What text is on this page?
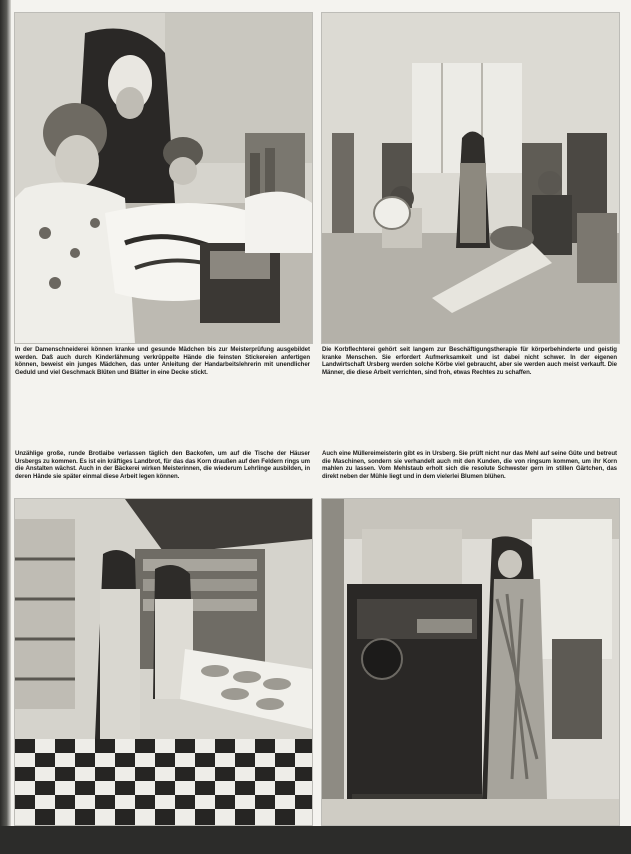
In der Damenschneiderei können kranke und gesunde Mädchen bis zur Meisterprüfung ausgebildet werden. Daß auch durch Kinderlähmung verkrüppelte Hände die feinsten Stickereien anfertigen können, beweist ein junges Mädchen, das unter Anleitung der Handarbeitslehrerin mit unendlicher Geduld und viel Geschmack Blüten und Blätter in eine Decke stickt.
Die Korbflechterei gehört seit langem zur Beschäftigungstherapie für körperbehinderte und geistig kranke Menschen. Sie erfordert Aufmerksamkeit und ist dabei nicht schwer. In der eigenen Landwirtschaft Ursberg werden solche Körbe viel gebraucht, aber sie werden auch meist verkauft. Die Männer, die diese Arbeit verrichten, sind froh, etwas Rechtes zu schaffen.
Unzählige große, runde Brotlaibe verlassen täglich den Backofen, um auf die Tische der Häuser Ursbergs zu kommen. Es ist ein kräftiges Landbrot, für das das Korn draußen auf den Feldern rings um die Anstalten wächst. Auch in der Bäckerei wirken Meisterinnen, die wiederum Lehrlinge ausbilden, in deren Hände sie später einmal diese Arbeit legen können.
Auch eine Müllereimeisterin gibt es in Ursberg. Sie prüft nicht nur das Mehl auf seine Güte und betreut die Maschinen, sondern sie verhandelt auch mit den Kunden, die von ringsum kommen, um ihr Korn mahlen zu lassen. Vom Mehlstaub erholt sich die resolute Schwester gern im stillen Gärtchen, das direkt neben der Mühle liegt und in dem vielerlei Blumen blühen.
